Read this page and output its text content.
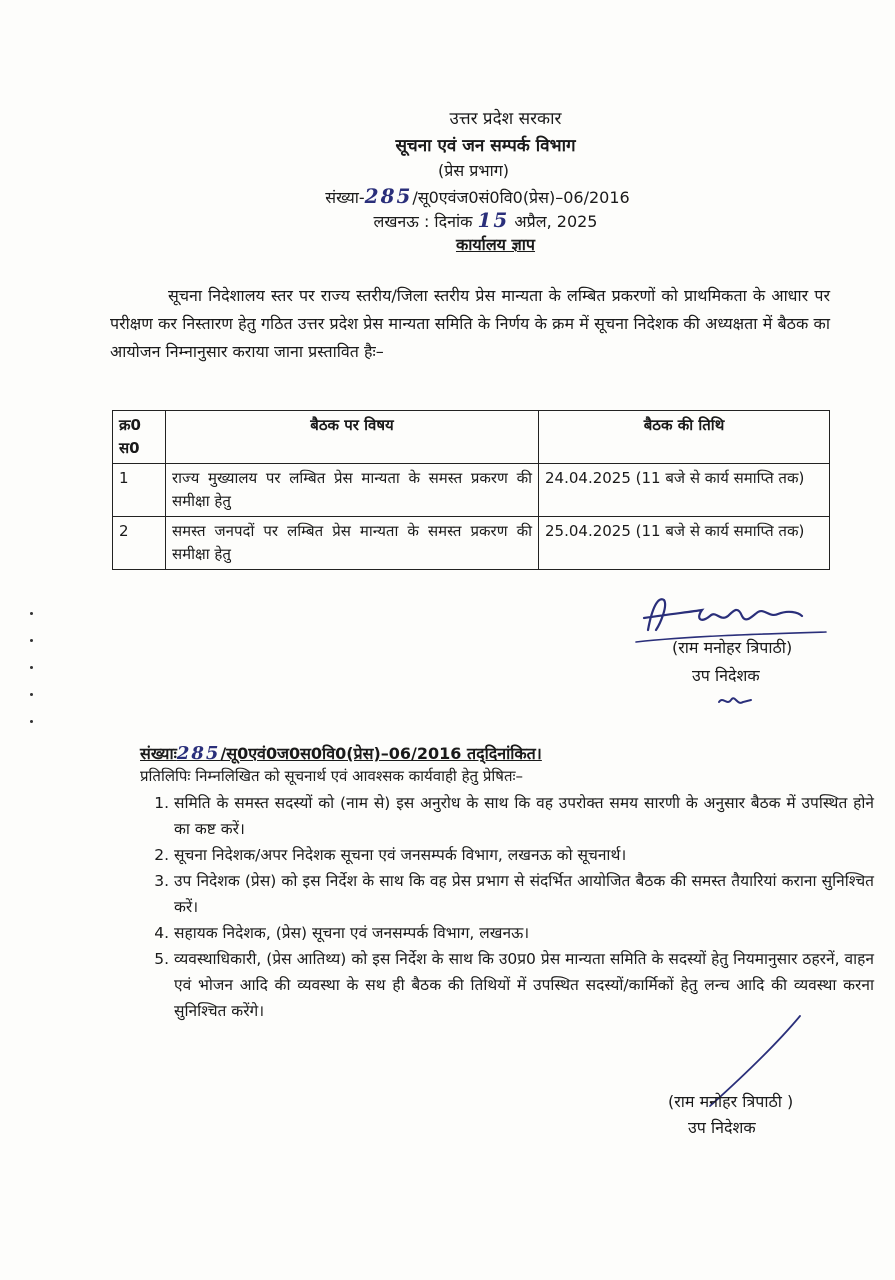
उत्तर प्रदेश सरकार
सूचना एवं जन सम्पर्क विभाग
(प्रेस प्रभाग)
संख्या-285/सू0एवंज0सं0वि0(प्रेस)–06/2016
लखनऊ : दिनांक 15 अप्रैल, 2025
कार्यालय ज्ञाप
सूचना निदेशालय स्तर पर राज्य स्तरीय/जिला स्तरीय प्रेस मान्यता के लम्बित प्रकरणों को प्राथमिकता के आधार पर परीक्षण कर निस्तारण हेतु गठित उत्तर प्रदेश प्रेस मान्यता समिति के निर्णय के क्रम में सूचना निदेशक की अध्यक्षता में बैठक का आयोजन निम्नानुसार कराया जाना प्रस्तावित हैः–
क्र0 स0	बैठक पर विषय	बैठक की तिथि
1	राज्य मुख्यालय पर लम्बित प्रेस मान्यता के समस्त प्रकरण की समीक्षा हेतु	24.04.2025 (11 बजे से कार्य समाप्ति तक)
2	समस्त जनपदों पर लम्बित प्रेस मान्यता के समस्त प्रकरण की समीक्षा हेतु	25.04.2025 (11 बजे से कार्य समाप्ति तक)
(राम मनोहर त्रिपाठी)
उप निदेशक
संख्याः285/सू0एवं0ज0स0वि0(प्रेस)–06/2016 तद्‌दिनांकित।
प्रतिलिपिः निम्नलिखित को सूचनार्थ एवं आवश्सक कार्यवाही हेतु प्रेषितः–
1. समिति के समस्त सदस्यों को (नाम से) इस अनुरोध के साथ कि वह उपरोक्त समय सारणी के अनुसार बैठक में उपस्थित होने का कष्ट करें।
2. सूचना निदेशक/अपर निदेशक सूचना एवं जनसम्पर्क विभाग, लखनऊ को सूचनार्थ।
3. उप निदेशक (प्रेस) को इस निर्देश के साथ कि वह प्रेस प्रभाग से संदर्भित आयोजित बैठक की समस्त तैयारियां कराना सुनिश्चित करें।
4. सहायक निदेशक, (प्रेस) सूचना एवं जनसम्पर्क विभाग, लखनऊ।
5. व्यवस्थाधिकारी, (प्रेस आतिथ्य) को इस निर्देश के साथ कि उ0प्र0 प्रेस मान्यता समिति के सदस्यों हेतु नियमानुसार ठहरनें, वाहन एवं भोजन आदि की व्यवस्था के सथ ही बैठक की तिथियों में उपस्थित सदस्यों/कार्मिकों हेतु लन्च आदि की व्यवस्था करना सुनिश्चित करेंगे।
(राम मनोहर त्रिपाठी )
उप निदेशक
